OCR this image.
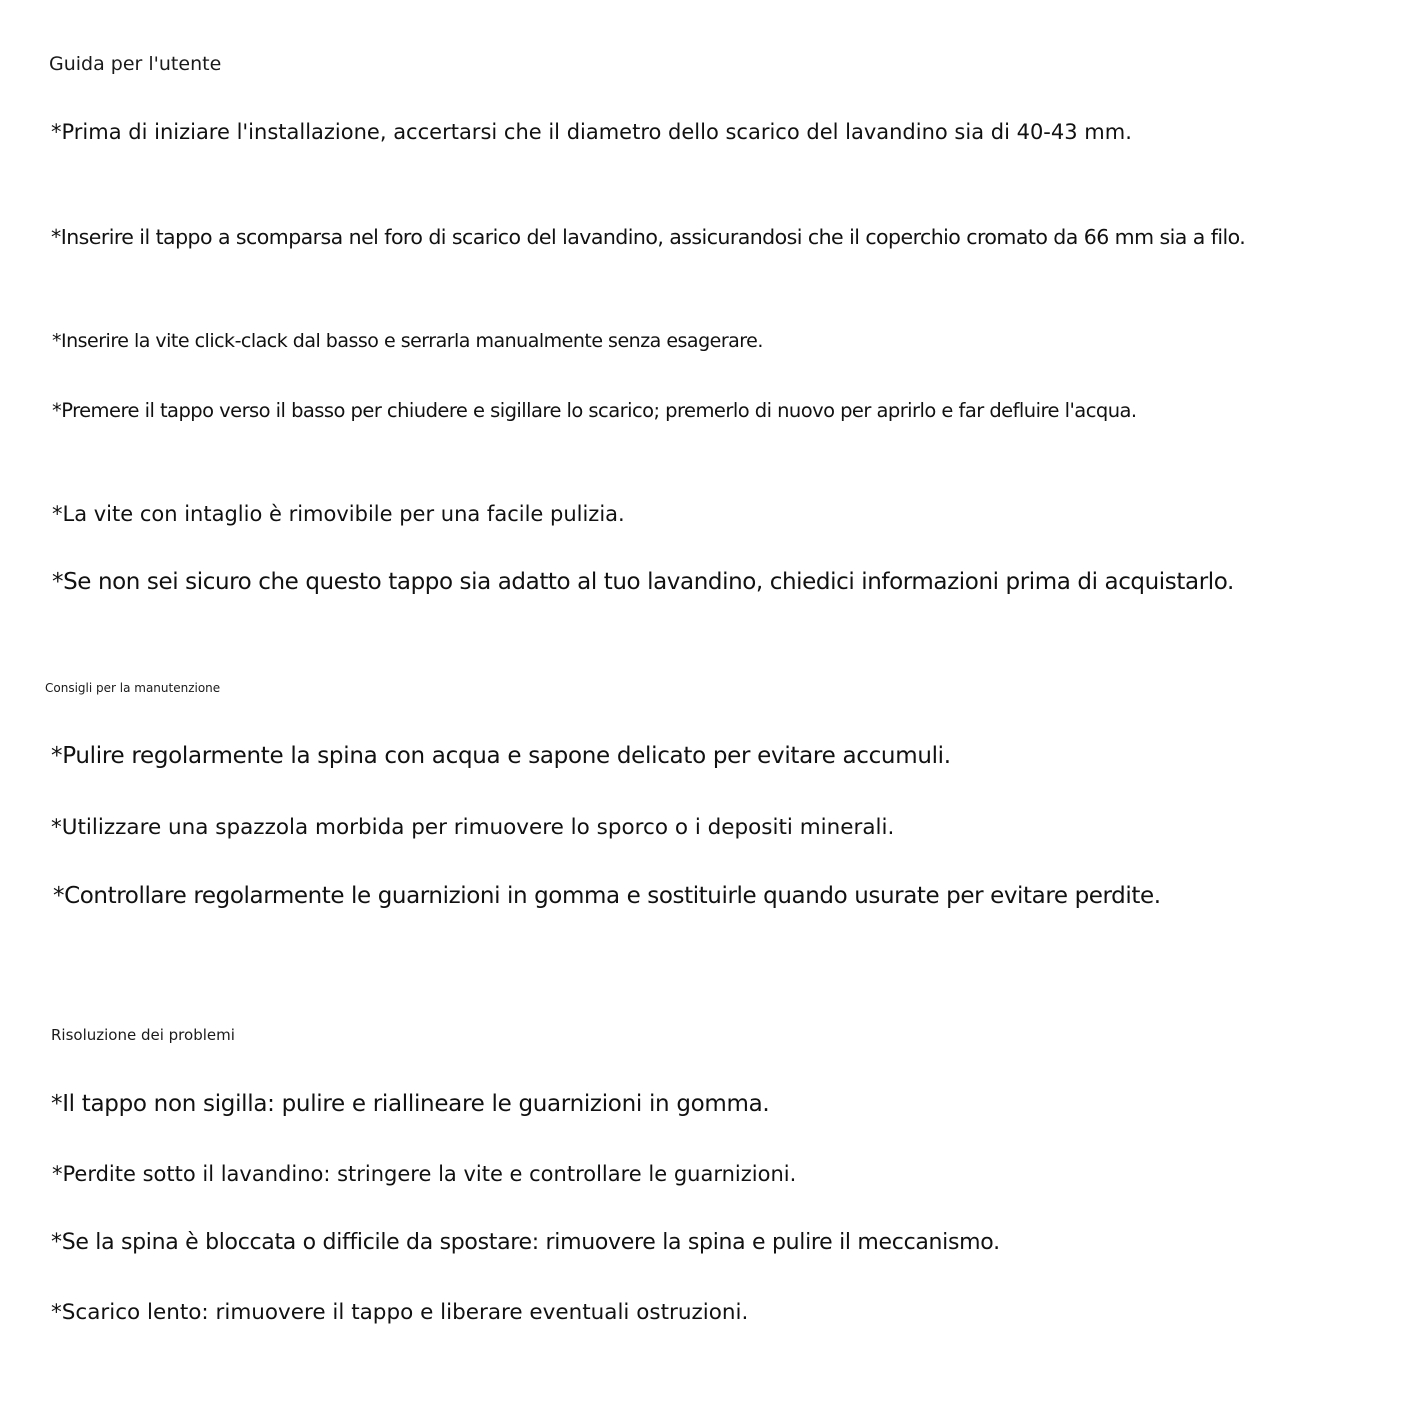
Guida per l'utente

*Prima di iniziare l'installazione, accertarsi che il diametro dello scarico del lavandino sia di 40-43 mm.

*Inserire il tappo a scomparsa nel foro di scarico del lavandino, assicurandosi che il coperchio cromato da 66 mm sia a filo.

*Inserire la vite click-clack dal basso e serrarla manualmente senza esagerare.

*Premere il tappo verso il basso per chiudere e sigillare lo scarico; premerlo di nuovo per aprirlo e far defluire l'acqua.

*La vite con intaglio è rimovibile per una facile pulizia.

*Se non sei sicuro che questo tappo sia adatto al tuo lavandino, chiedici informazioni prima di acquistarlo.

Consigli per la manutenzione

*Pulire regolarmente la spina con acqua e sapone delicato per evitare accumuli.

*Utilizzare una spazzola morbida per rimuovere lo sporco o i depositi minerali.

*Controllare regolarmente le guarnizioni in gomma e sostituirle quando usurate per evitare perdite.

Risoluzione dei problemi

*Il tappo non sigilla: pulire e riallineare le guarnizioni in gomma.

*Perdite sotto il lavandino: stringere la vite e controllare le guarnizioni.

*Se la spina è bloccata o difficile da spostare: rimuovere la spina e pulire il meccanismo.

*Scarico lento: rimuovere il tappo e liberare eventuali ostruzioni.
